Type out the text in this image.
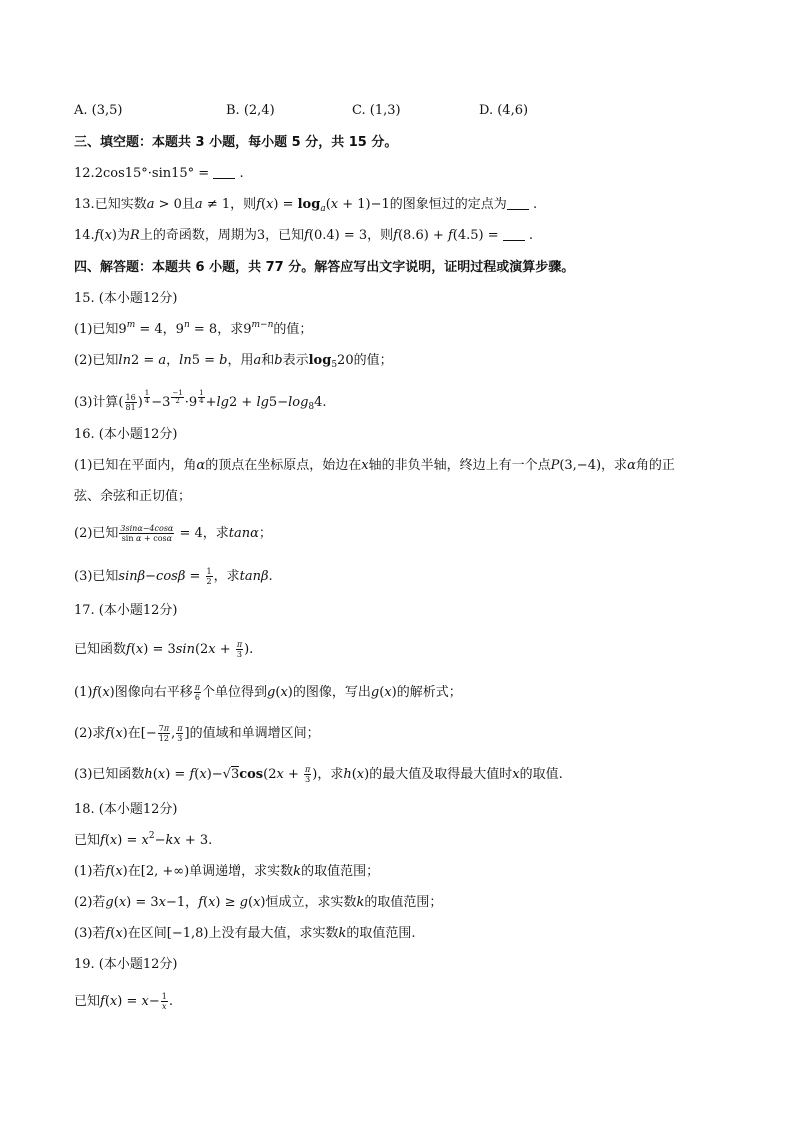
A. (3,5)	B. (2,4)	C. (1,3)	D. (4,6)
三、填空题：本题共 3 小题，每小题 5 分，共 15 分。
12.2cos15°·sin15° = .
13.已知实数a > 0且a ≠ 1，则$f(x) = \log_a(x + 1)-1$的图象恒过的定点为 .
14.f(x)为R上的奇函数，周期为3，已知f(0.4) = 3，则f(8.6) + f(4.5) =  .
四、解答题：本题共 6 小题，共 77 分。解答应写出文字说明，证明过程或演算步骤。
15. (本小题12分)
(1)已知$9^m = 4$，$9^n = 8$，求$9^{m-n}$的值；
(2)已知ln2 = a，ln5 = b，用a和b表示$\log_520$的值；
(3)计算( $\frac{16}{81}$ ) $^{\frac{1}{4}}$ −3 $^{\frac{-1}{2}}$ ·9 $^{\frac{1}{4}} +\lg 2 + \lg 5-\log_84$.
16. (本小题12分)
(1)已知在平面内，角α的顶点在坐标原点，始边在x轴的非负半轴，终边上有一个点P(3,−4)，求α角的正
弦、余弦和正切值；
(2)已知 $\frac{3\sin\alpha-4\cos\alpha}{\text{sin α + cosα}} = 4$，求tanα；
(3)已知$\sin\beta-\cos\beta = \frac{1}{2}$ ，求tanβ.
17. (本小题12分)
已知函数$f(x) = 3\sin(2x + \frac{\pi}{3}$ ).
(1)f(x)图像向右平移 $\frac{\pi}{6}$ 个单位得到g(x)的图像，写出g(x)的解析式；
(2)求f(x)在[− $\frac{7\pi}{12}$ , $\frac{\pi}{3}$ ]的值域和单调增区间；
(3)已知函数$h(x) = f(x)-√3\cos(2x + \frac{\pi}{3}$ )，求h(x)的最大值及取得最大值时x的取值.
18. (本小题12分)
已知$f(x) = x^2-kx + 3$.
(1)若f(x)在[2, +∞)单调递增，求实数k的取值范围；
(2)若g(x) = 3x−1，f(x) ≥ g(x)恒成立，求实数k的取值范围；
(3)若f(x)在区间[−1,8)上没有最大值，求实数k的取值范围.
19. (本小题12分)
已知$f(x) = x- \frac{1}{x}$ .
